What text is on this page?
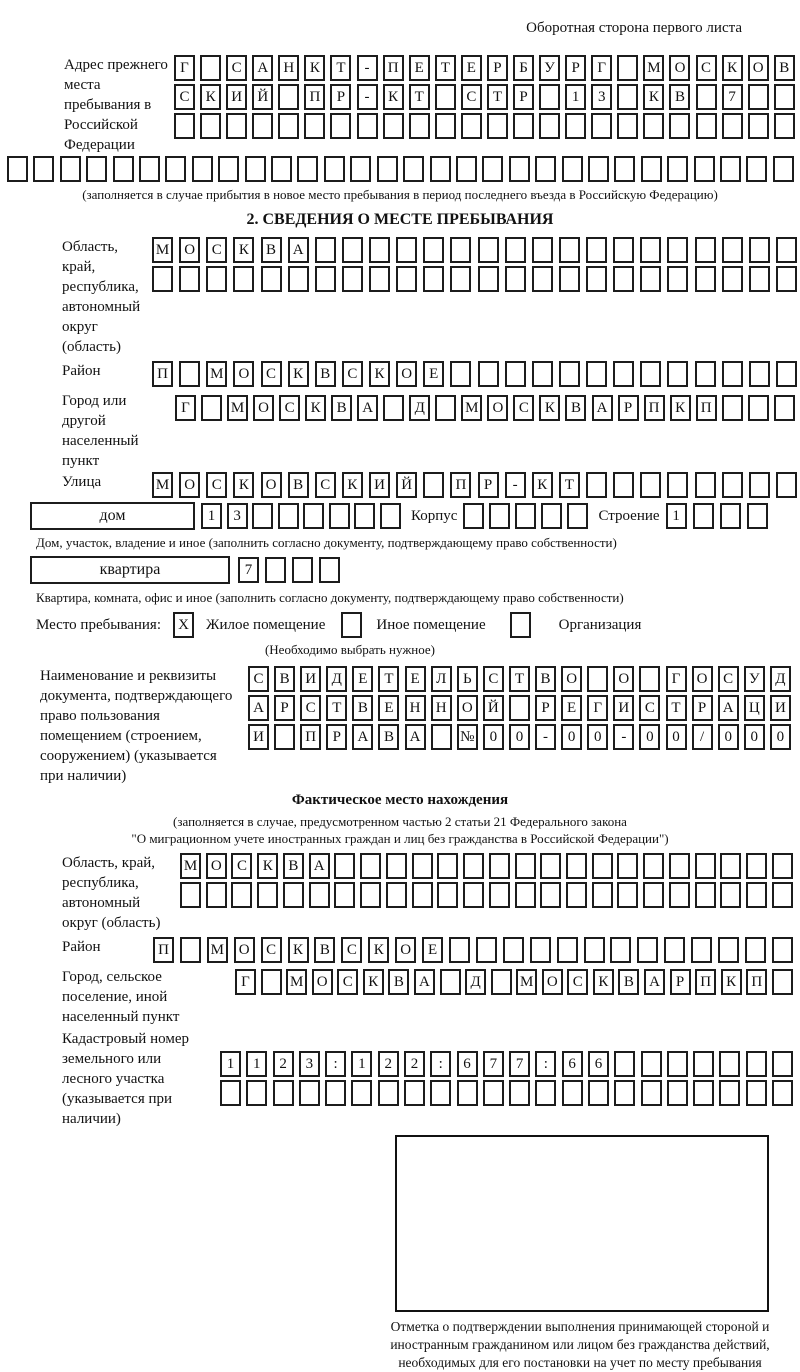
Оборотная сторона первого листа
Адрес прежнего места пребывания в Российской Федерации
Г	С	А	Н	К	Т	-	П	Е	Т	Е	Р	Б	У	Р	Г	М О	С	К	О	В
С	К	И	Й	П	Р	-	К	Т	С	Т	Р	1	3	К	В	7
(заполняется в случае прибытия в новое место пребывания в период последнего въезда в Российскую Федерацию)
2. СВЕДЕНИЯ О МЕСТЕ ПРЕБЫВАНИЯ
Область, край, республика, автономный округ (область)
М	О	С	К	В	А
Район	П	М	О	С	К	В	С	К	О	Е
Город или другой населенный пункт
Г	М О	С	К	В	А	Д	М О	С	К	В	А	Р	П	К	П
Улица	М	О	С	К	О	В	С	К	И	Й	П	Р	-	К	Т
дом	1	3	Корпус	Строение 1
Дом, участок, владение и иное (заполнить согласно документу, подтверждающему право собственности)
квартира	7
Квартира, комната, офис и иное (заполнить согласно документу, подтверждающему право собственности)
Место пребывания:	X	Жилое помещение	Иное помещение	Организация
(Необходимо выбрать нужное)
Наименование и реквизиты документа, подтверждающего право пользования помещением (строением, сооружением) (указывается при наличии)
С	В	И	Д	Е	Т	Е	Л	Ь	С	Т	В	О	О	Г	О	С	У	Д
А	Р	С	Т	В	Е	Н	Н	О	Й	Р	Е	Г	И	С	Т	Р	А	Ц	И
И	П	Р	А	В	А	№	0	0	-	0	0	-	0	0	/	0	0	0
Фактическое место нахождения
(заполняется в случае, предусмотренном частью 2 статьи 21 Федерального закона
"О миграционном учете иностранных граждан и лиц без гражданства в Российской Федерации")
Область, край, республика, автономный округ (область)
М О	С	К	В	А
Район	П	М О	С	К	В	С	К	О	Е
Город, сельское поселение, иной населенный пункт
Г	М О	С	К	В	А	Д	М О	С	К	В	А	Р	П	К	П
Кадастровый номер земельного или лесного участка (указывается при наличии)
1	1	2	3	:	1	2	2	:	6	7	7	:	6	6
Отметка о подтверждении выполнения принимающей стороной и иностранным гражданином или лицом без гражданства действий, необходимых для его постановки на учет по месту пребывания
